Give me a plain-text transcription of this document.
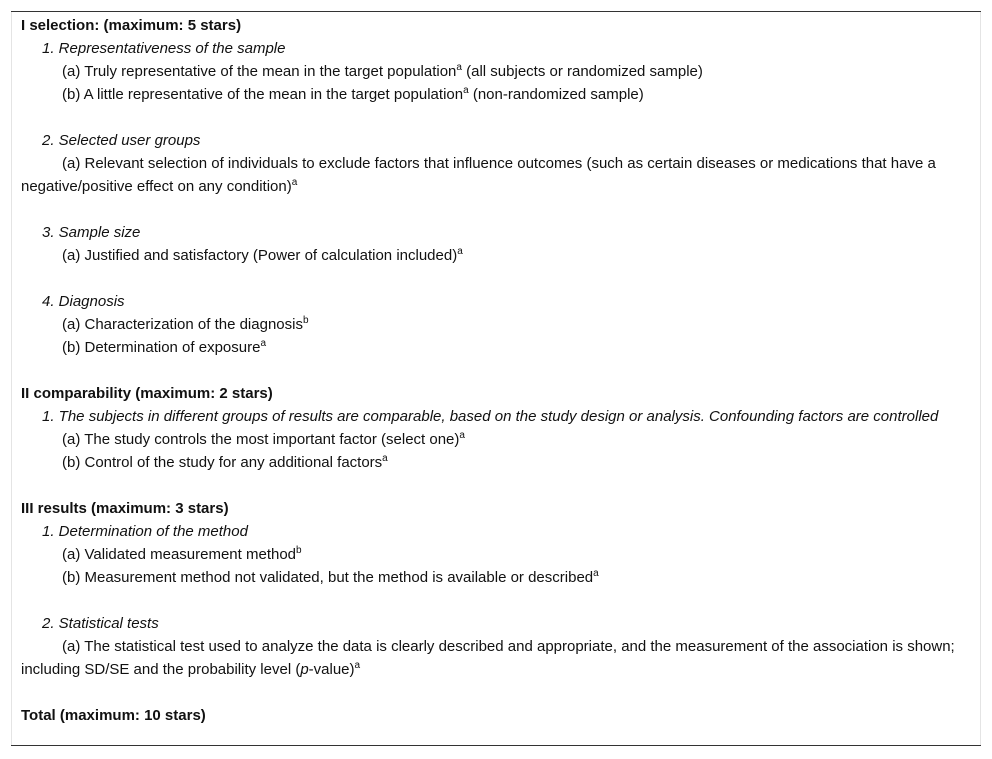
I selection: (maximum: 5 stars)
1. Representativeness of the sample
(a) Truly representative of the mean in the target population$^a$ (all subjects or randomized sample)
(b) A little representative of the mean in the target population$^a$ (non-randomized sample)
2. Selected user groups
(a) Relevant selection of individuals to exclude factors that influence outcomes (such as certain diseases or medications that have a negative/positive effect on any condition)$^a$
3. Sample size
(a) Justified and satisfactory (Power of calculation included)$^a$
4. Diagnosis
(a) Characterization of the diagnosis$^b$
(b) Determination of exposure$^a$
II comparability (maximum: 2 stars)
1. The subjects in different groups of results are comparable, based on the study design or analysis. Confounding factors are controlled
(a) The study controls the most important factor (select one)$^a$
(b) Control of the study for any additional factors$^a$
III results (maximum: 3 stars)
1. Determination of the method
(a) Validated measurement method$^b$
(b) Measurement method not validated, but the method is available or described$^a$
2. Statistical tests
(a) The statistical test used to analyze the data is clearly described and appropriate, and the measurement of the association is shown; including SD/SE and the probability level (p-value)$^a$
Total (maximum: 10 stars)
